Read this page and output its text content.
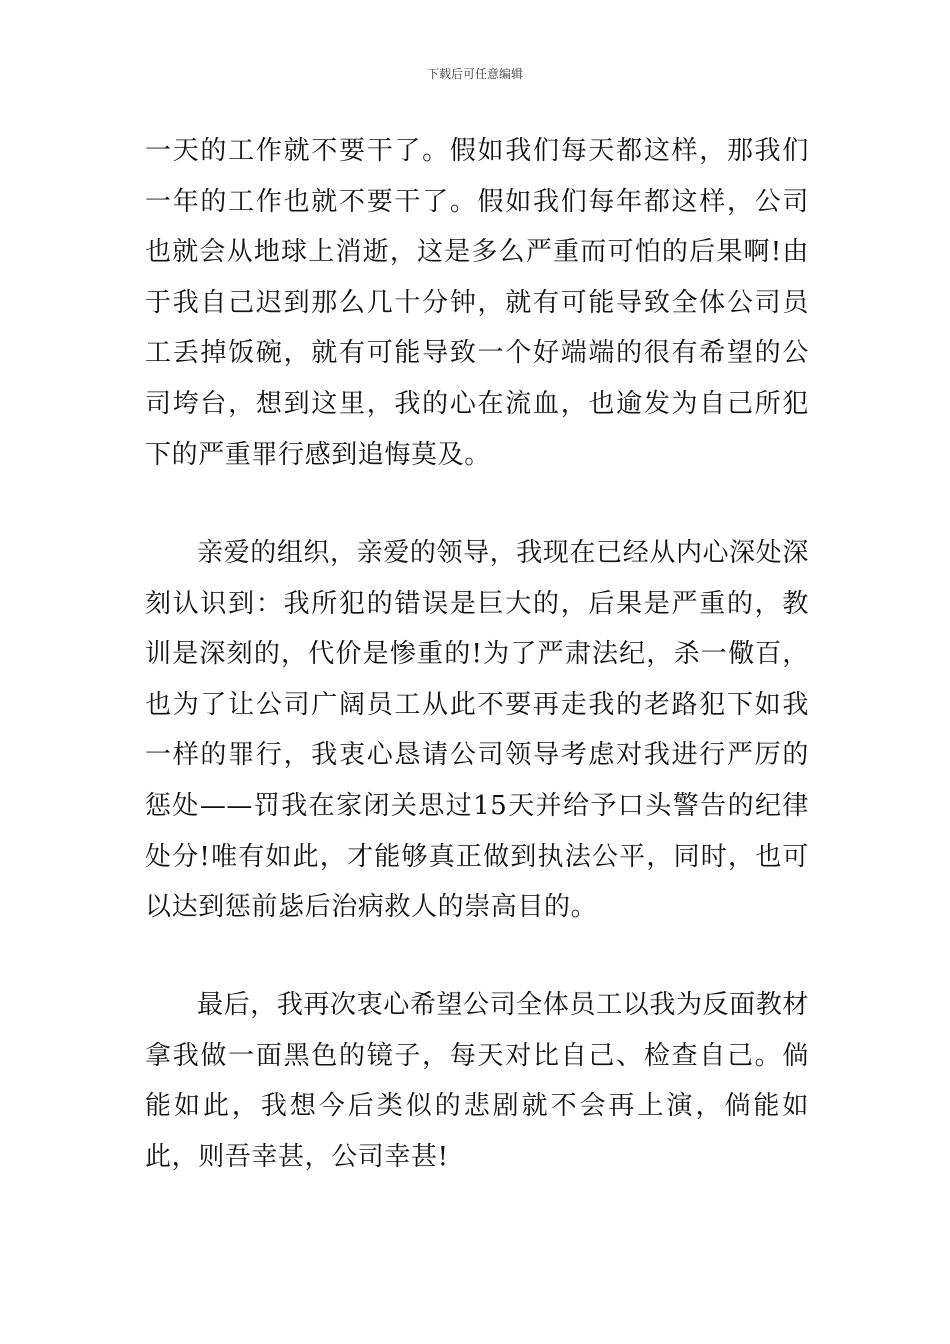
下载后可任意编辑

一天的工作就不要干了。假如我们每天都这样，那我们一年的工作也就不要干了。假如我们每年都这样，公司也就会从地球上消逝，这是多么严重而可怕的后果啊!由于我自己迟到那么几十分钟，就有可能导致全体公司员工丢掉饭碗，就有可能导致一个好端端的很有希望的公司垮台，想到这里，我的心在流血，也逾发为自己所犯下的严重罪行感到追悔莫及。

亲爱的组织，亲爱的领导，我现在已经从内心深处深刻认识到：我所犯的错误是巨大的，后果是严重的，教训是深刻的，代价是惨重的!为了严肃法纪，杀一儆百，也为了让公司广阔员工从此不要再走我的老路犯下如我一样的罪行，我衷心恳请公司领导考虑对我进行严厉的惩处——罚我在家闭关思过15天并给予口头警告的纪律处分!唯有如此，才能够真正做到执法公平，同时，也可以达到惩前毖后治病救人的崇高目的。

最后，我再次衷心希望公司全体员工以我为反面教材拿我做一面黑色的镜子，每天对比自己、检查自己。倘能如此，我想今后类似的悲剧就不会再上演，倘能如此，则吾幸甚，公司幸甚!
